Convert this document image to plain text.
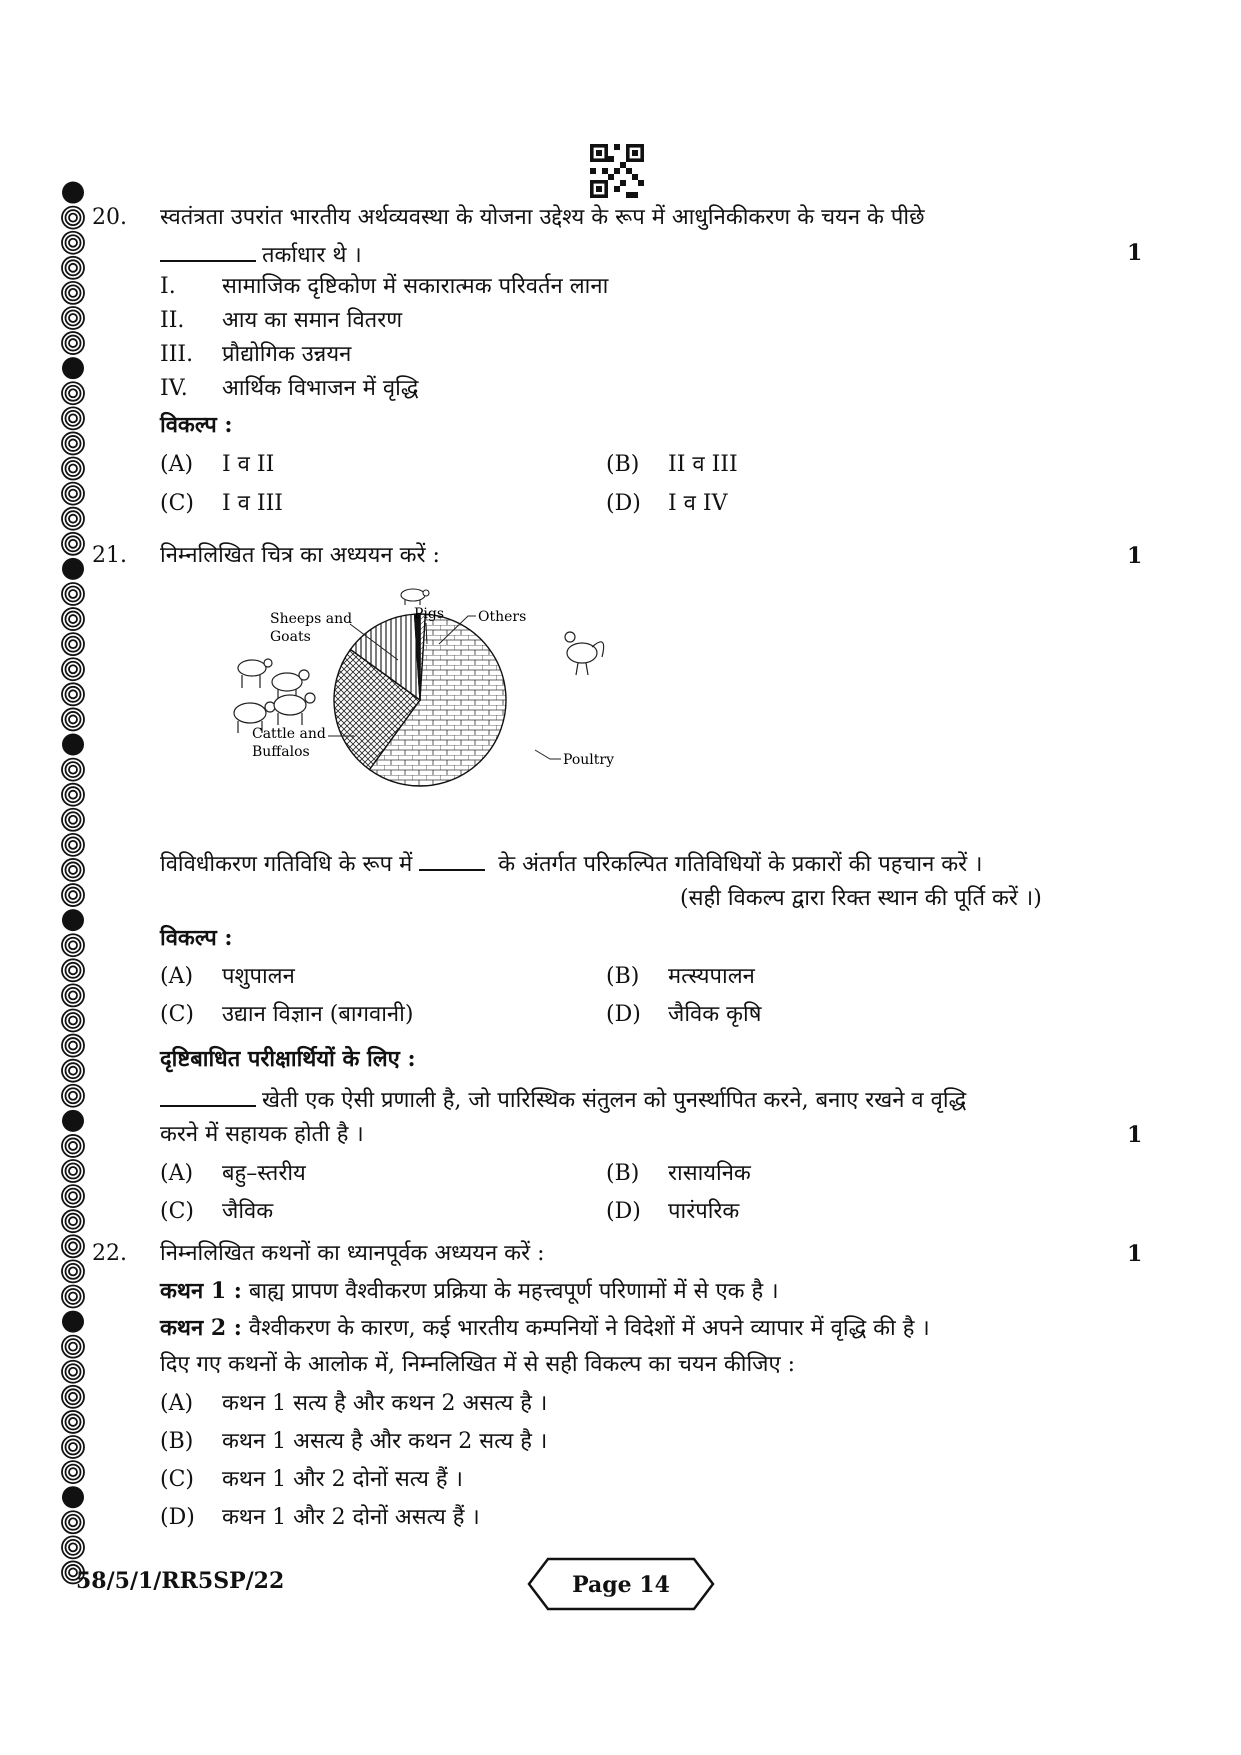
20. स्वतंत्रता उपरांत भारतीय अर्थव्यवस्था के योजना उद्देश्य के रूप में आधुनिकीकरण के चयन के पीछे
तर्काधार थे ।	1
I.	सामाजिक दृष्टिकोण में सकारात्मक परिवर्तन लाना
II.	आय का समान वितरण
III.	प्रौद्योगिक उन्नयन
IV.	आर्थिक विभाजन में वृद्धि
विकल्प :
(A) I व II	(B) II व III
(C) I व III	(D) I व IV
21. निम्नलिखित चित्र का अध्ययन करें :	1
Sheeps and
Goats
Pigs Others
Cattle and
Buffalos	Poultry
विविधीकरण गतिविधि के रूप में	के अंतर्गत परिकल्पित गतिविधियों के प्रकारों की पहचान करें ।
(सही विकल्प द्वारा रिक्त स्थान की पूर्ति करें ।)
विकल्प :
(A) पशुपालन	(B) मत्स्यपालन
(C) उद्यान विज्ञान (बागवानी)	(D) जैविक कृषि
दृष्टिबाधित परीक्षार्थियों के लिए :
खेती एक ऐसी प्रणाली है, जो पारिस्थिक संतुलन को पुनर्स्थापित करने, बनाए रखने व वृद्धि
करने में सहायक होती है ।	1
(A) बहु–स्तरीय	(B) रासायनिक
(C) जैविक	(D) पारंपरिक
22. निम्नलिखित कथनों का ध्यानपूर्वक अध्ययन करें :	1
कथन 1 : बाह्य प्रापण वैश्वीकरण प्रक्रिया के महत्त्वपूर्ण परिणामों में से एक है ।
कथन 2 : वैश्वीकरण के कारण, कई भारतीय कम्पनियों ने विदेशों में अपने व्यापार में वृद्धि की है ।
दिए गए कथनों के आलोक में, निम्नलिखित में से सही विकल्प का चयन कीजिए :
(A) कथन 1 सत्य है और कथन 2 असत्य है ।
(B) कथन 1 असत्य है और कथन 2 सत्य है ।
(C) कथन 1 और 2 दोनों सत्य हैं ।
(D) कथन 1 और 2 दोनों असत्य हैं ।
58/5/1/RR5SP/22	Page 14
